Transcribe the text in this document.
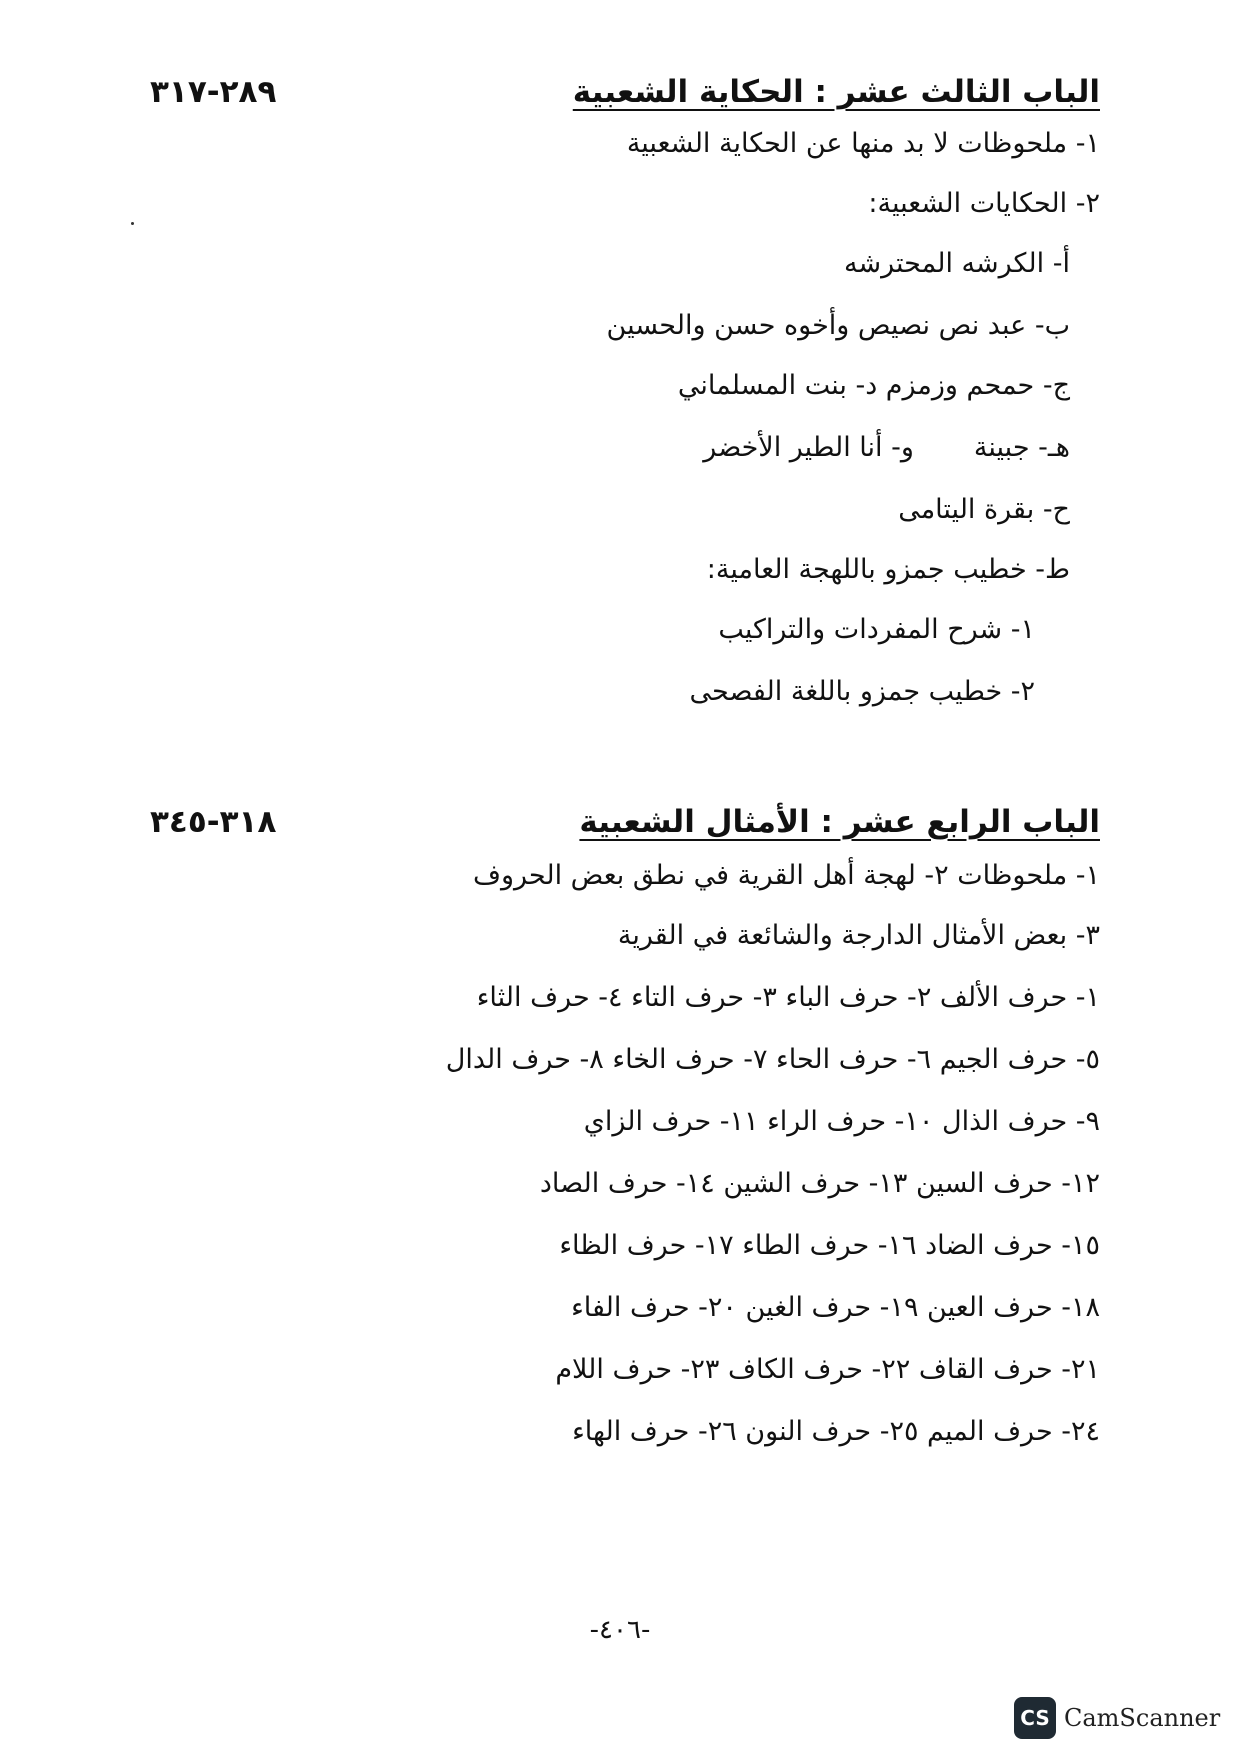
الباب الثالث عشر : الحكاية الشعبية
٢٨٩-٣١٧
١- ملحوظات لا بد منها عن الحكاية الشعبية
٢- الحكايات الشعبية:
أ- الكرشه المحترشه
ب- عبد نص نصيص وأخوه حسن والحسين
ج- حمحم وزمزم د- بنت المسلماني
هـ- جبينةو- أنا الطير الأخضر
ح- بقرة اليتامى
ط- خطيب جمزو باللهجة العامية:
١- شرح المفردات والتراكيب
٢- خطيب جمزو باللغة الفصحى
الباب الرابع عشر : الأمثال الشعبية
٣١٨-٣٤٥
١- ملحوظات ٢- لهجة أهل القرية في نطق بعض الحروف
٣- بعض الأمثال الدارجة والشائعة في القرية
١- حرف الألف ٢- حرف الباء ٣- حرف التاء ٤- حرف الثاء
٥- حرف الجيم ٦- حرف الحاء ٧- حرف الخاء ٨- حرف الدال
٩- حرف الذال ١٠- حرف الراء ١١- حرف الزاي
١٢- حرف السين ١٣- حرف الشين ١٤- حرف الصاد
١٥- حرف الضاد ١٦- حرف الطاء ١٧- حرف الظاء
١٨- حرف العين ١٩- حرف الغين ٢٠- حرف الفاء
٢١- حرف القاف ٢٢- حرف الكاف ٢٣- حرف اللام
٢٤- حرف الميم ٢٥- حرف النون ٢٦- حرف الهاء
-٤٠٦-
CS CamScanner
